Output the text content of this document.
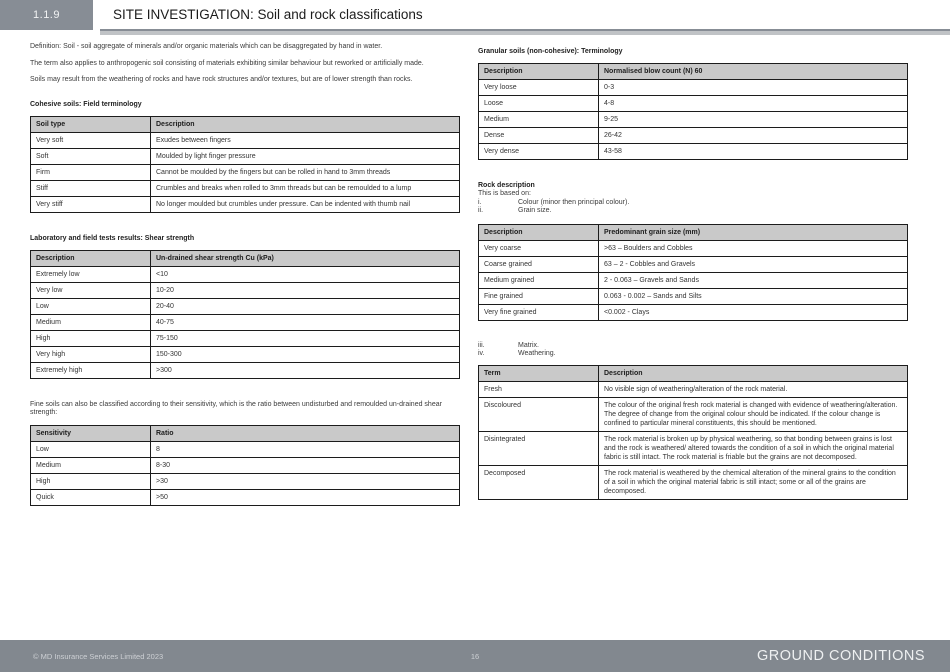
1.1.9	SITE INVESTIGATION: Soil and rock classifications

Definition: Soil - soil aggregate of minerals and/or organic materials which can be disaggregated by hand in water.

The term also applies to anthropogenic soil consisting of materials exhibiting similar behaviour but reworked or artificially made.

Soils may result from the weathering of rocks and have rock structures and/or textures, but are of lower strength than rocks.

Cohesive soils: Field terminology
Soil type	Description
Very soft	Exudes between fingers
Soft	Moulded by light finger pressure
Firm	Cannot be moulded by the fingers but can be rolled in hand to 3mm threads
Stiff	Crumbles and breaks when rolled to 3mm threads but can be remoulded to a lump
Very stiff	No longer moulded but crumbles under pressure. Can be indented with thumb nail
Laboratory and field tests results: Shear strength
Description	Un-drained shear strength Cu (kPa)
Extremely low	<10
Very low	10-20
Low	20-40
Medium	40-75
High	75-150
Very high	150-300
Extremely high	>300

Fine soils can also be classified according to their sensitivity, which is the ratio between undisturbed and remoulded un-drained shear strength:

Sensitivity	Ratio
Low	8
Medium	8-30
High	>30
Quick	>50
Granular soils (non-cohesive): Terminology
Description	Normalised blow count (N) 60
Very loose	0-3
Loose	4-8
Medium	9-25
Dense	26-42
Very dense	43-58
Rock description
This is based on:
i.	Colour (minor then principal colour).
ii.	Grain size.
Description	Predominant grain size (mm)
Very coarse	>63 – Boulders and Cobbles
Coarse grained	63 – 2 - Cobbles and Gravels
Medium grained	2 - 0.063 – Gravels and Sands
Fine grained	0.063 - 0.002 – Sands and Silts
Very fine grained	<0.002 - Clays
iii.	Matrix.
iv.	Weathering.
Term	Description
Fresh	No visible sign of weathering/alteration of the rock material.
Discoloured	The colour of the original fresh rock material is changed with evidence of weathering/alteration. The degree of change from the original colour should be indicated. If the colour change is confined to particular mineral constituents, this should be mentioned.
Disintegrated	The rock material is broken up by physical weathering, so that bonding between grains is lost and the rock is weathered/ altered towards the condition of a soil in which the original material fabric is still intact. The rock material is friable but the grains are not decomposed.
Decomposed	The rock material is weathered by the chemical alteration of the mineral grains to the condition of a soil in which the original material fabric is still intact; some or all of the grains are decomposed.
© MD Insurance Services Limited 2023	16	GROUND CONDITIONS
